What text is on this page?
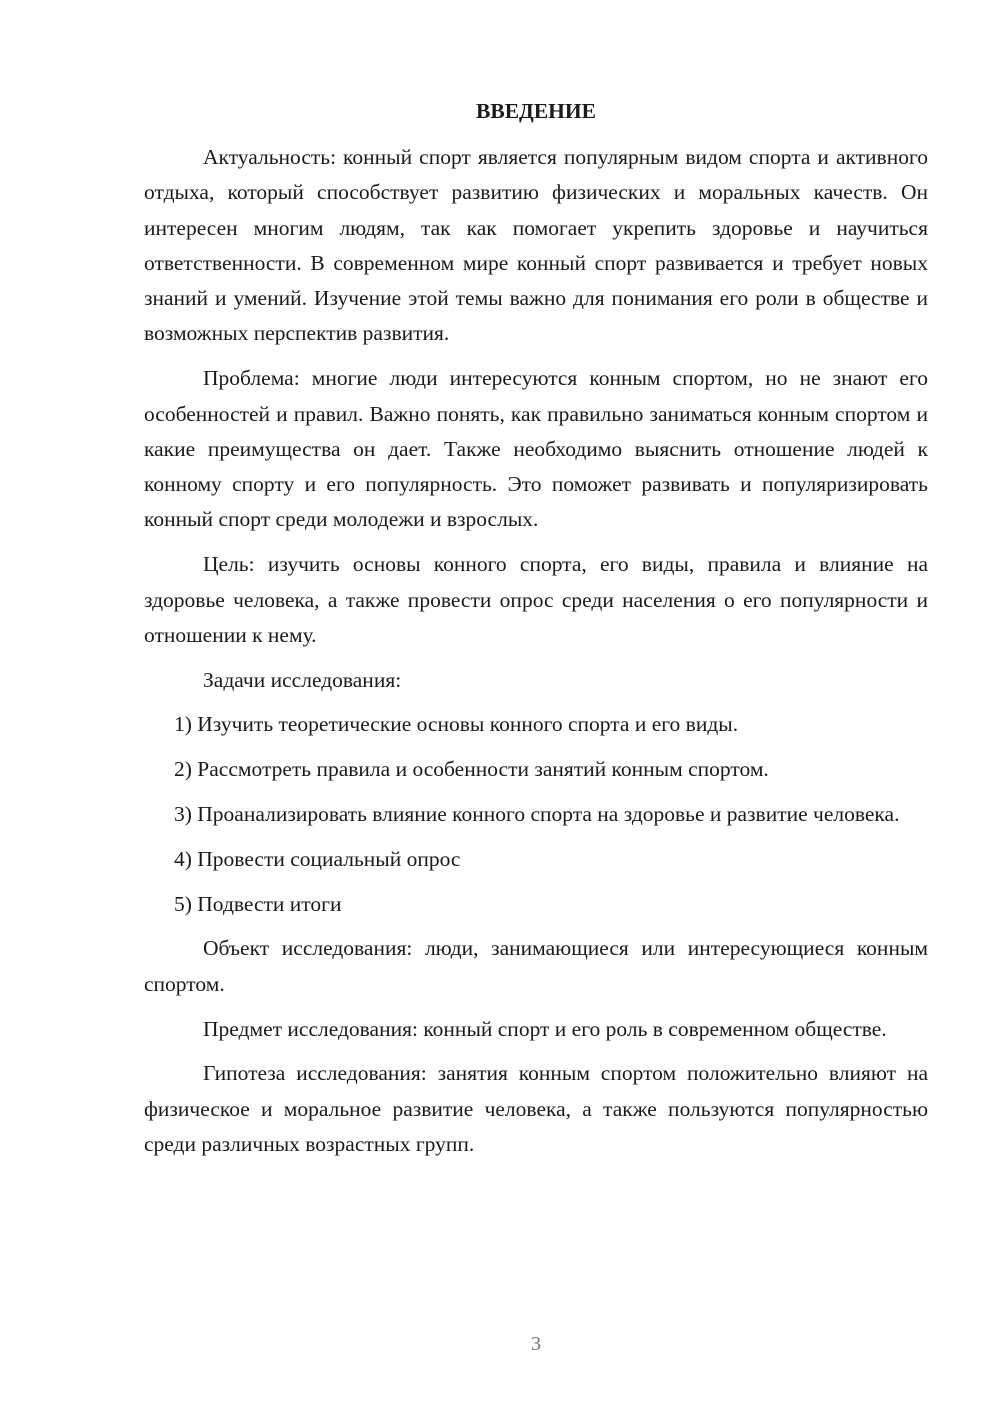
ВВЕДЕНИЕ

Актуальность: конный спорт является популярным видом спорта и активного отдыха, который способствует развитию физических и моральных качеств. Он интересен многим людям, так как помогает укрепить здоровье и научиться ответственности. В современном мире конный спорт развивается и требует новых знаний и умений. Изучение этой темы важно для понимания его роли в обществе и возможных перспектив развития.

Проблема: многие люди интересуются конным спортом, но не знают его особенностей и правил. Важно понять, как правильно заниматься конным спортом и какие преимущества он дает. Также необходимо выяснить отношение людей к конному спорту и его популярность. Это поможет развивать и популяризировать конный спорт среди молодежи и взрослых.

Цель: изучить основы конного спорта, его виды, правила и влияние на здоровье человека, а также провести опрос среди населения о его популярности и отношении к нему.

Задачи исследования:

1) Изучить теоретические основы конного спорта и его виды.

2) Рассмотреть правила и особенности занятий конным спортом.

3) Проанализировать влияние конного спорта на здоровье и развитие человека.

4) Провести социальный опрос

5) Подвести итоги

Объект исследования: люди, занимающиеся или интересующиеся конным спортом.

Предмет исследования: конный спорт и его роль в современном обществе.

Гипотеза исследования: занятия конным спортом положительно влияют на физическое и моральное развитие человека, а также пользуются популярностью среди различных возрастных групп.

3
